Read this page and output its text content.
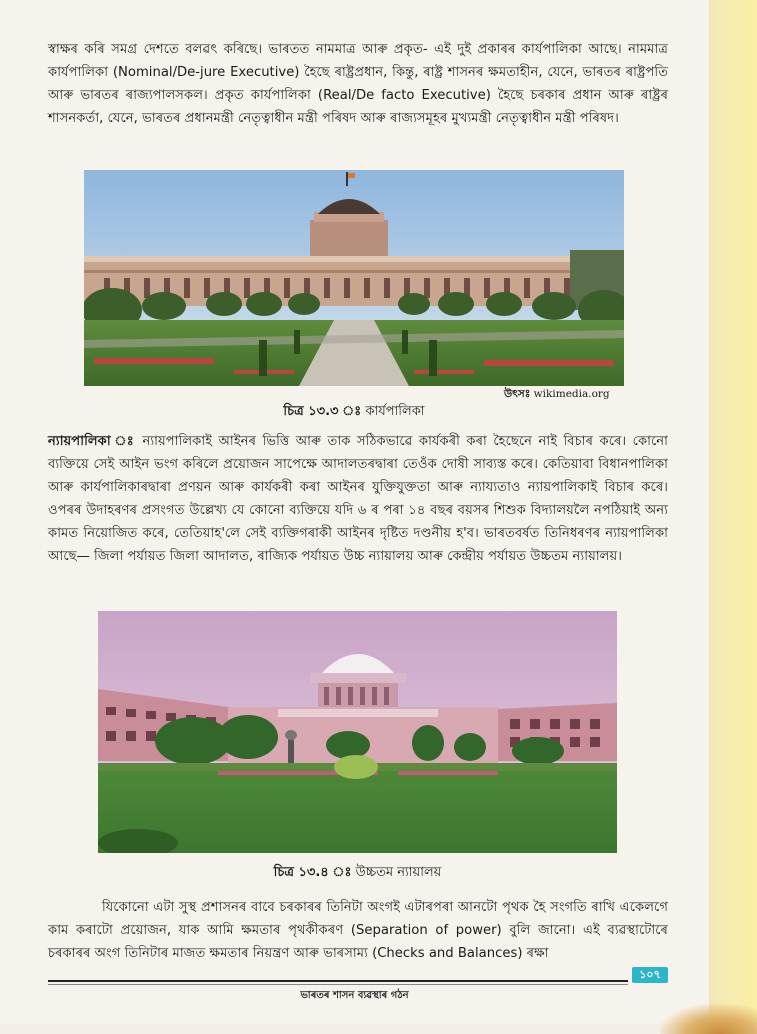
স্বাক্ষৰ কৰি সমগ্ৰ দেশতে বলৱৎ কৰিছে। ভাৰতত নামমাত্ৰ আৰু প্ৰকৃত- এই দুই প্ৰকাৰৰ কাৰ্যপালিকা আছে। নামমাত্ৰ কাৰ্যপালিকা (Nominal/De-jure Executive) হৈছে ৰাষ্ট্ৰপ্ৰধান, কিন্তু, ৰাষ্ট্ৰ শাসনৰ ক্ষমতাহীন, যেনে, ভাৰতৰ ৰাষ্ট্ৰপতি আৰু ভাৰতৰ ৰাজ্যপালসকল। প্ৰকৃত কাৰ্যপালিকা (Real/De facto Executive) হৈছে চৰকাৰ প্ৰধান আৰু ৰাষ্ট্ৰৰ শাসনকৰ্তা, যেনে, ভাৰতৰ প্ৰধানমন্ত্ৰী নেতৃত্বাধীন মন্ত্ৰী পৰিষদ আৰু ৰাজ্যসমূহৰ মুখ্যমন্ত্ৰী নেতৃত্বাধীন মন্ত্ৰী পৰিষদ।

উৎসঃ wikimedia.org
চিত্ৰ ১৩.৩ ঃ কাৰ্যপালিকা

ন্যায়পালিকা ঃ ন্যায়পালিকাই আইনৰ ভিত্তি আৰু তাক সঠিকভাৱে কাৰ্যকৰী কৰা হৈছেনে নাই বিচাৰ কৰে। কোনো ব্যক্তিয়ে সেই আইন ভংগ কৰিলে প্ৰয়োজন সাপেক্ষে আদালতৰদ্বাৰা তেওঁক দোষী সাব্যস্ত কৰে। কেতিয়াবা বিধানপালিকা আৰু কাৰ্যপালিকাৰদ্বাৰা প্ৰণয়ন আৰু কাৰ্যকৰী কৰা আইনৰ যুক্তিযুক্ততা আৰু ন্যায্যতাও ন্যায়পালিকাই বিচাৰ কৰে। ওপৰৰ উদাহৰণৰ প্ৰসংগত উল্লেখ্য যে কোনো ব্যক্তিয়ে যদি ৬ ৰ পৰা ১৪ বছৰ বয়সৰ শিশুক বিদ্যালয়লৈ নপঠিয়াই অন্য কামত নিয়োজিত কৰে, তেতিয়াহ'লে সেই ব্যক্তিগৰাকী আইনৰ দৃষ্টিত দণ্ডনীয় হ'ব। ভাৰতবৰ্ষত তিনিধৰণৰ ন্যায়পালিকা আছে— জিলা পৰ্যায়ত জিলা আদালত, ৰাজ্যিক পৰ্যায়ত উচ্চ ন্যায়ালয় আৰু কেন্দ্ৰীয় পৰ্যায়ত উচ্চতম ন্যায়ালয়।

চিত্ৰ ১৩.৪ ঃ উচ্চতম ন্যায়ালয়

যিকোনো এটা সুস্থ প্ৰশাসনৰ বাবে চৰকাৰৰ তিনিটা অংগই এটাৰপৰা আনটো পৃথক হৈ সংগতি ৰাখি একেলগে কাম কৰাটো প্ৰয়োজন, যাক আমি ক্ষমতাৰ পৃথকীকৰণ (Separation of power) বুলি জানো। এই ব্যৱস্থাটোৰে চৰকাৰৰ অংগ তিনিটাৰ মাজত ক্ষমতাৰ নিয়ন্ত্ৰণ আৰু ভাৰসাম্য (Checks and Balances) ৰক্ষা

১০৭
ভাৰতৰ শাসন ব্যৱস্থাৰ গঠন
